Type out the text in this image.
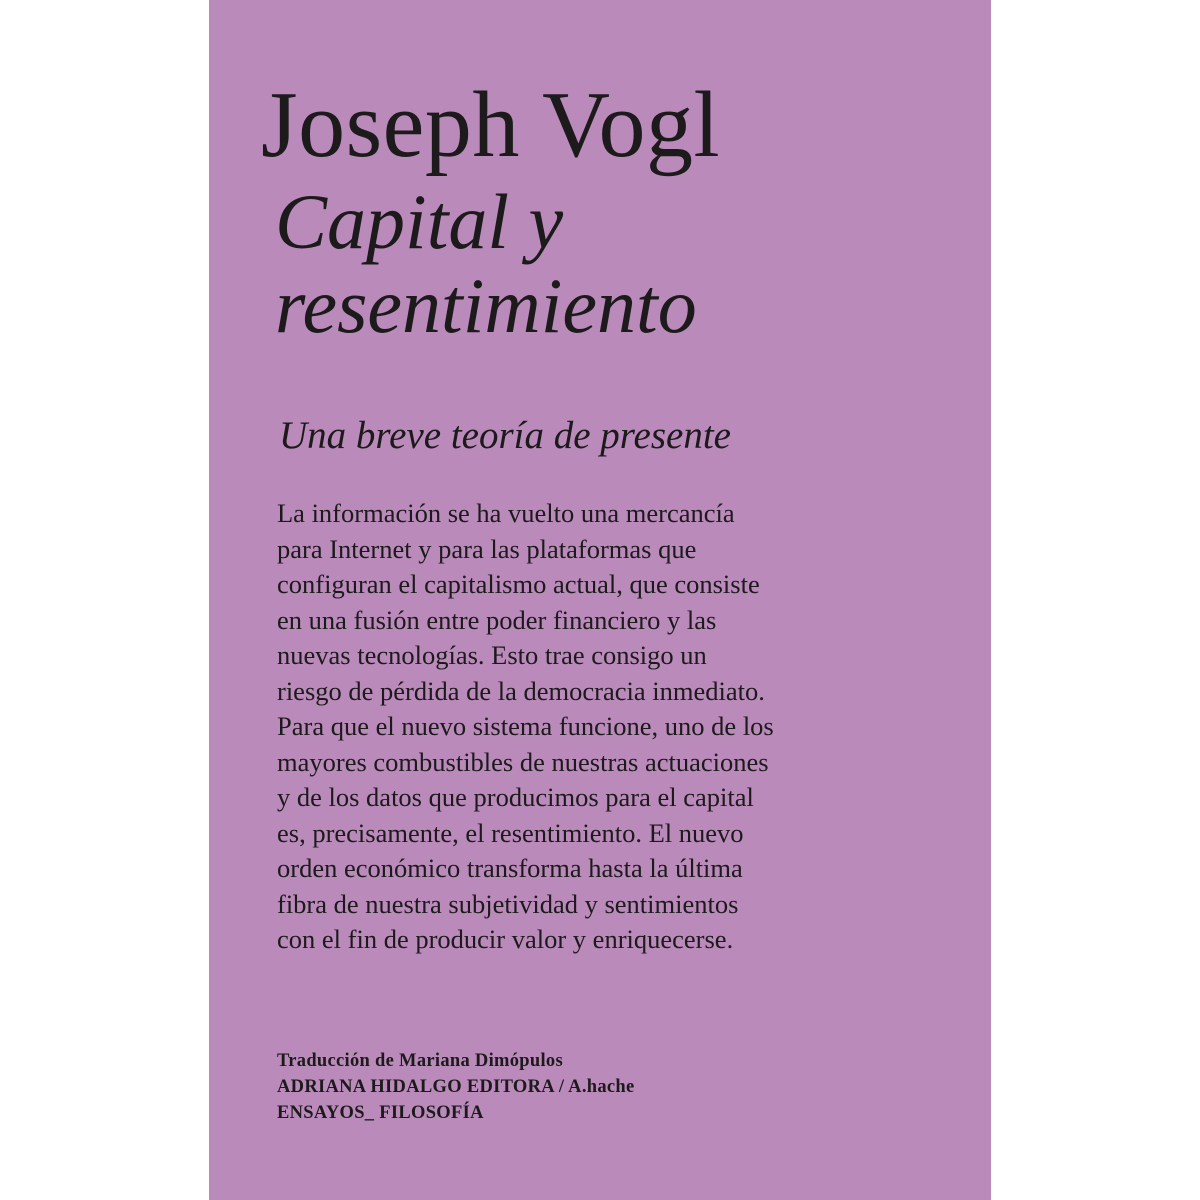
Joseph Vogl
Capital y
resentimiento
Una breve teoría de presente

La información se ha vuelto una mercancía
para Internet y para las plataformas que
configuran el capitalismo actual, que consiste
en una fusión entre poder financiero y las
nuevas tecnologías. Esto trae consigo un
riesgo de pérdida de la democracia inmediato.
Para que el nuevo sistema funcione, uno de los
mayores combustibles de nuestras actuaciones
y de los datos que producimos para el capital
es, precisamente, el resentimiento. El nuevo
orden económico transforma hasta la última
fibra de nuestra subjetividad y sentimientos
con el fin de producir valor y enriquecerse.

Traducción de Mariana Dimópulos
ADRIANA HIDALGO EDITORA / A.hache
ENSAYOS_ FILOSOFÍA
